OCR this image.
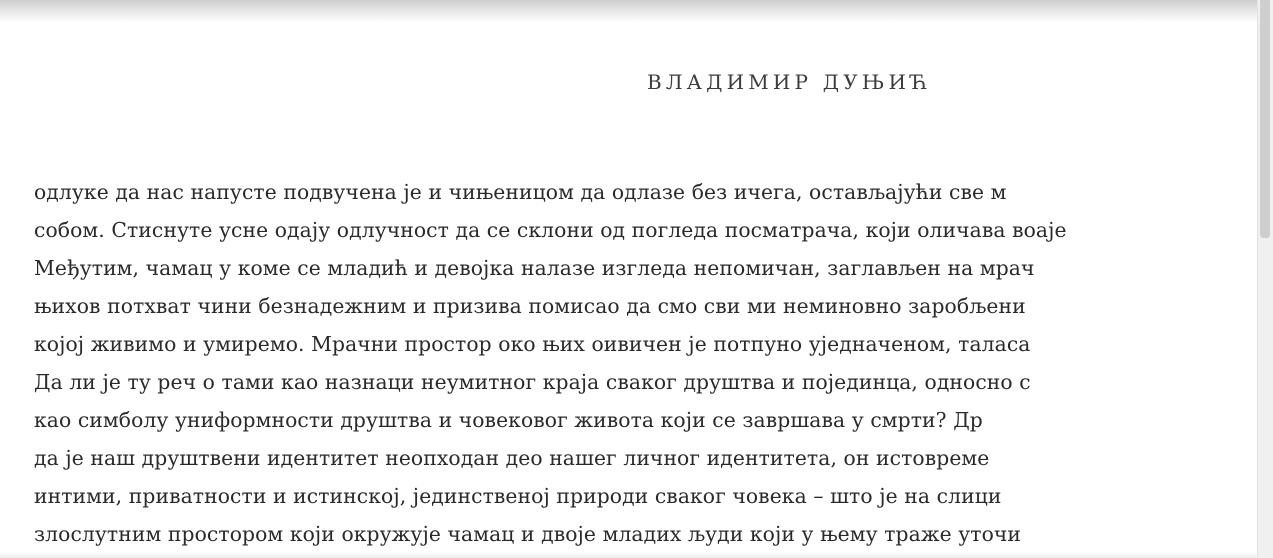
ВЛАДИМИР ДУЊИЋ
одлуке да нас напусте подвучена је и чињеницом да одлазе без ичега, остављајући све м
собом. Стиснуте усне одају одлучност да се склони од погледа посматрача, који оличава воаје
Међутим, чамац у коме се младић и девојка налазе изгледа непомичан, заглављен на мрач
њихов потхват чини безнадежним и призива помисао да смо сви ми неминовно заробљени
којој живимо и умиремо. Мрачни простор око њих оивичен је потпуно уједначеном, таласа
Да ли је ту реч о тами као назнаци неумитног краја сваког друштва и појединца, односно с
као симболу униформности друштва и човековог живота који се завршава у смрти? Др
да је наш друштвени идентитет неопходан део нашег личног идентитета, он истовреме
интими, приватности и истинској, јединственој природи сваког човека – што је на слици
злослутним простором који окружује чамац и двоје младих људи који у њему траже уточи
